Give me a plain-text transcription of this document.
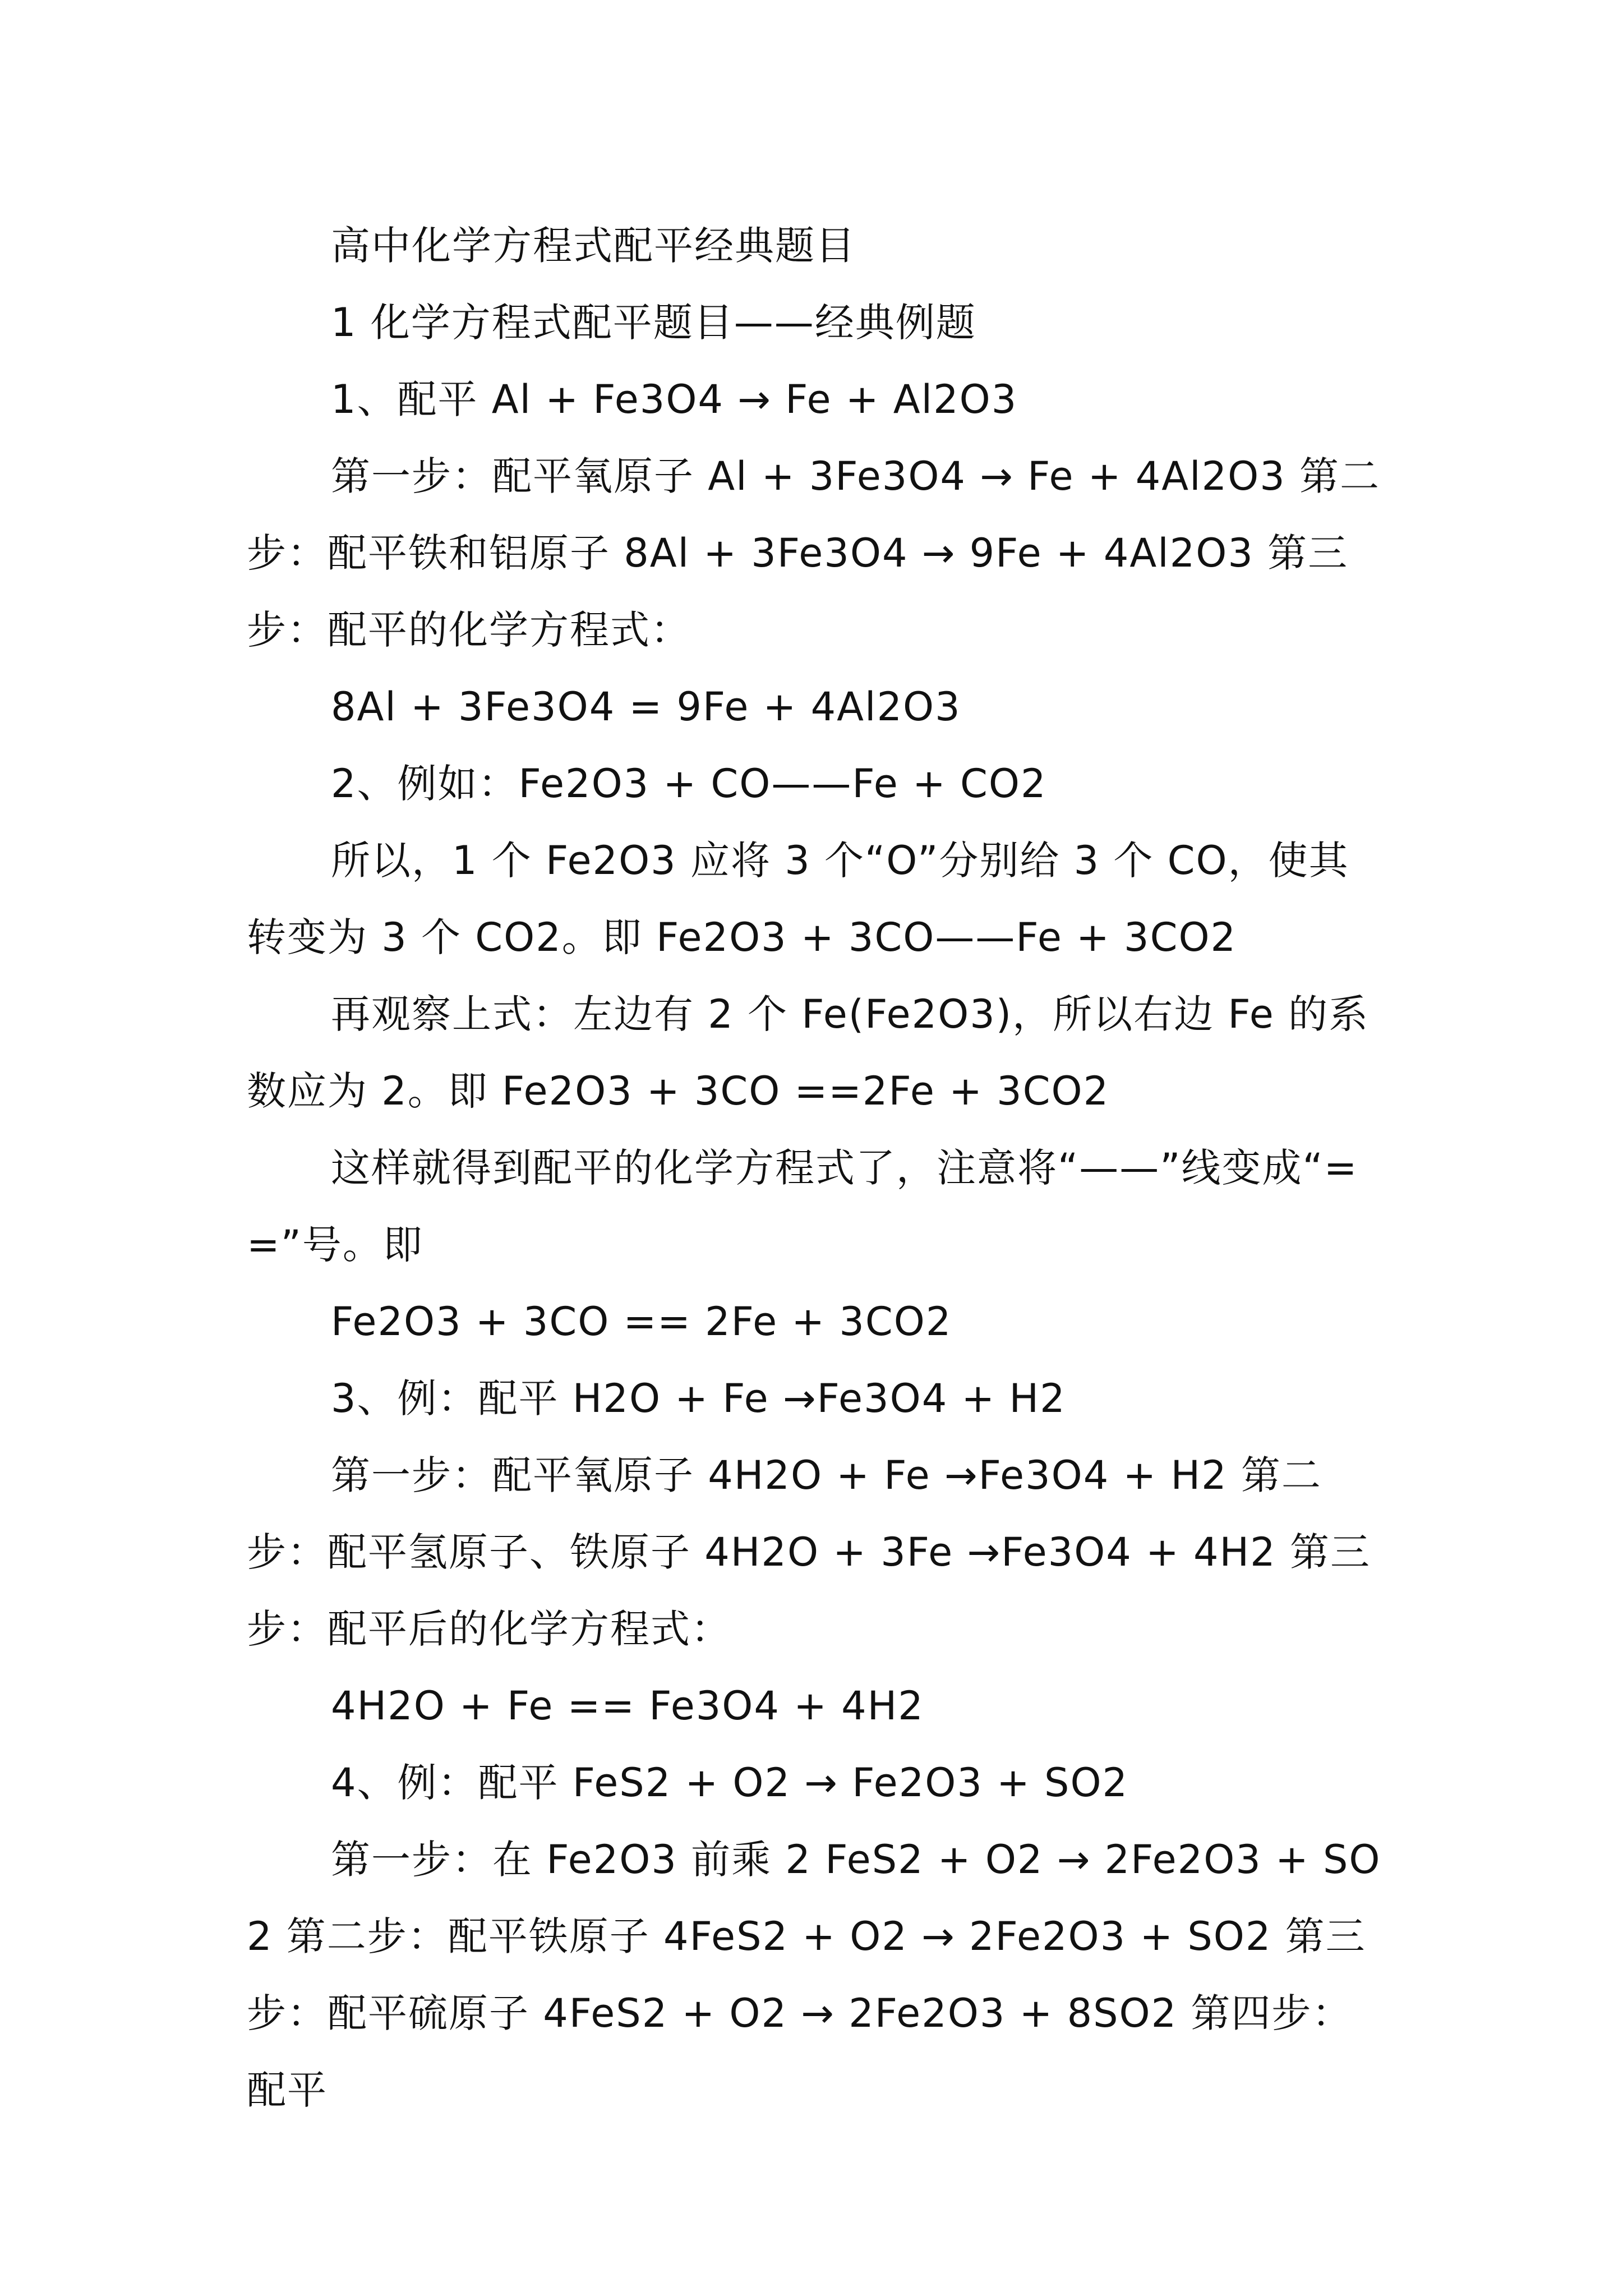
高中化学方程式配平经典题目

1 化学方程式配平题目——经典例题

1、配平 Al + Fe3O4 → Fe + Al2O3

第一步：配平氧原子 Al + 3Fe3O4 → Fe + 4Al2O3 第二步：配平铁和铝原子 8Al + 3Fe3O4 → 9Fe + 4Al2O3 第三步：配平的化学方程式：

8Al + 3Fe3O4 = 9Fe + 4Al2O3

2、例如：Fe2O3 + CO——Fe + CO2

所以，1 个 Fe2O3 应将 3 个“O”分别给 3 个 CO，使其转变为 3 个 CO2。即 Fe2O3 + 3CO——Fe + 3CO2

再观察上式：左边有 2 个 Fe(Fe2O3)，所以右边 Fe 的系数应为 2。即 Fe2O3 + 3CO ==2Fe + 3CO2

这样就得到配平的化学方程式了，注意将“——”线变成“==”号。即

Fe2O3 + 3CO == 2Fe + 3CO2

3、例：配平 H2O + Fe →Fe3O4 + H2

第一步：配平氧原子 4H2O + Fe →Fe3O4 + H2 第二步：配平氢原子、铁原子 4H2O + 3Fe →Fe3O4 + 4H2 第三步：配平后的化学方程式：

4H2O + Fe == Fe3O4 + 4H2

4、例：配平 FeS2 + O2 → Fe2O3 + SO2

第一步：在 Fe2O3 前乘 2 FeS2 + O2 → 2Fe2O3 + SO2 第二步：配平铁原子 4FeS2 + O2 → 2Fe2O3 + SO2 第三步：配平硫原子 4FeS2 + O2 → 2Fe2O3 + 8SO2 第四步：配平
